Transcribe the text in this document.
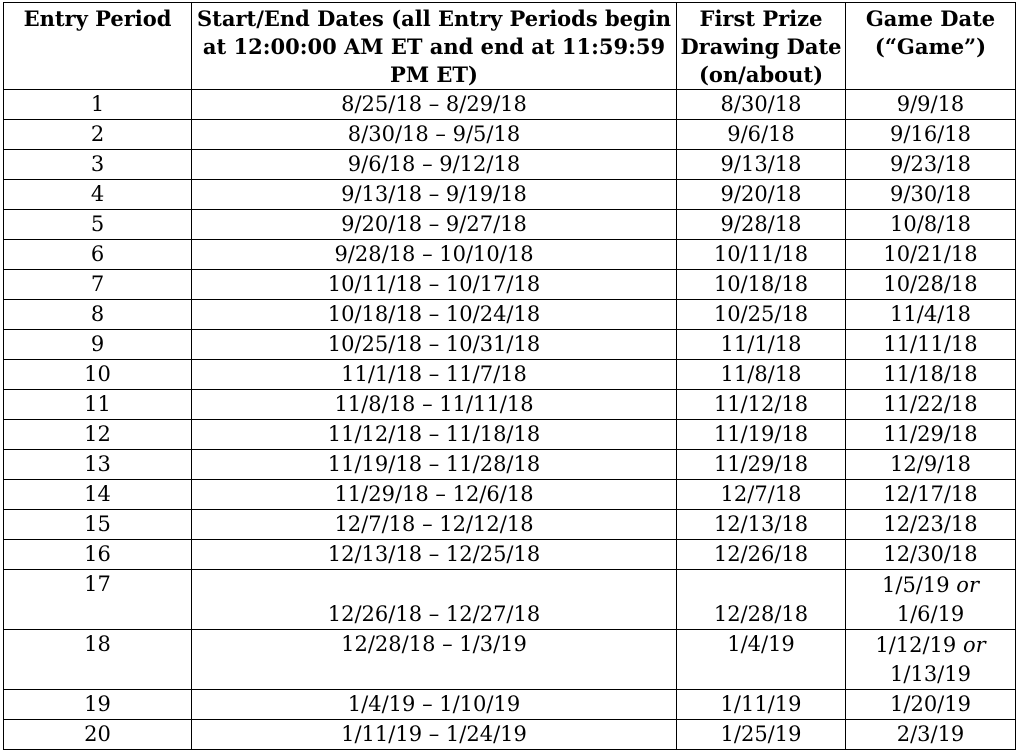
Entry Period	Start/End Dates (all Entry Periods begin at 12:00:00 AM ET and end at 11:59:59 PM ET)	First Prize Drawing Date (on/about)	Game Date (“Game”)
1	8/25/18 – 8/29/18	8/30/18	9/9/18
2	8/30/18 – 9/5/18	9/6/18	9/16/18
3	9/6/18 – 9/12/18	9/13/18	9/23/18
4	9/13/18 – 9/19/18	9/20/18	9/30/18
5	9/20/18 – 9/27/18	9/28/18	10/8/18
6	9/28/18 – 10/10/18	10/11/18	10/21/18
7	10/11/18 – 10/17/18	10/18/18	10/28/18
8	10/18/18 – 10/24/18	10/25/18	11/4/18
9	10/25/18 – 10/31/18	11/1/18	11/11/18
10	11/1/18 – 11/7/18	11/8/18	11/18/18
11	11/8/18 – 11/11/18	11/12/18	11/22/18
12	11/12/18 – 11/18/18	11/19/18	11/29/18
13	11/19/18 – 11/28/18	11/29/18	12/9/18
14	11/29/18 – 12/6/18	12/7/18	12/17/18
15	12/7/18 – 12/12/18	12/13/18	12/23/18
16	12/13/18 – 12/25/18	12/26/18	12/30/18
17	12/26/18 – 12/27/18	12/28/18	1/5/19 or
1/6/19

18	12/28/18 – 1/3/19	1/4/19	1/12/19 or
1/13/19

19	1/4/19 – 1/10/19	1/11/19	1/20/19
20	1/11/19 – 1/24/19	1/25/19	2/3/19
